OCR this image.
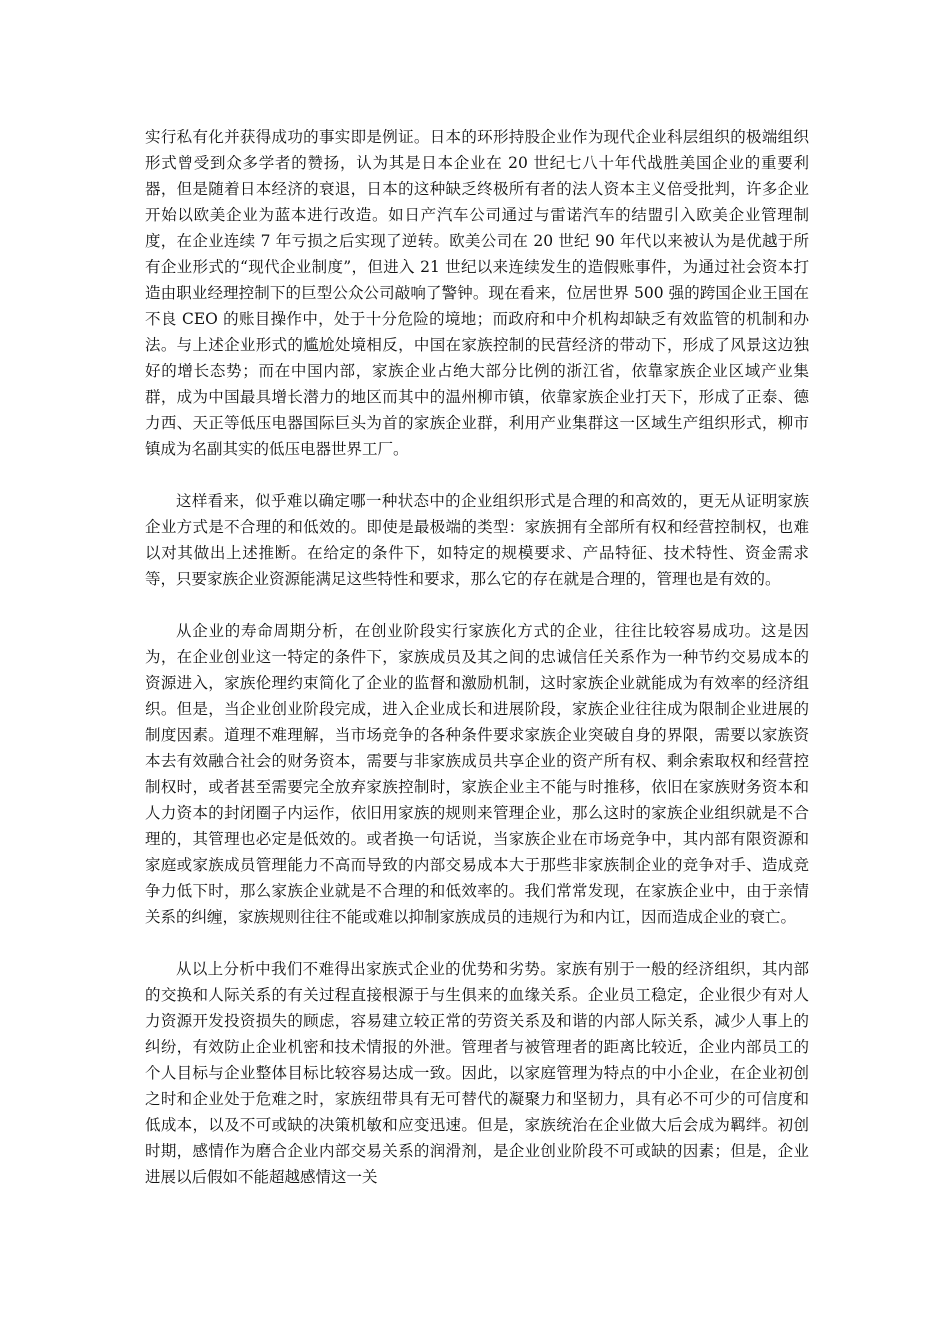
实行私有化并获得成功的事实即是例证。日本的环形持股企业作为现代企业科层组织的极端组织形式曾受到众多学者的赞扬，认为其是日本企业在 20 世纪七八十年代战胜美国企业的重要利器，但是随着日本经济的衰退，日本的这种缺乏终极所有者的法人资本主义倍受批判，许多企业开始以欧美企业为蓝本进行改造。如日产汽车公司通过与雷诺汽车的结盟引入欧美企业管理制度，在企业连续 7 年亏损之后实现了逆转。欧美公司在 20 世纪 90 年代以来被认为是优越于所有企业形式的“现代企业制度”，但进入 21 世纪以来连续发生的造假账事件，为通过社会资本打造由职业经理控制下的巨型公众公司敲响了警钟。现在看来，位居世界 500 强的跨国企业王国在不良 CEO 的账目操作中，处于十分危险的境地；而政府和中介机构却缺乏有效监管的机制和办法。与上述企业形式的尴尬处境相反，中国在家族控制的民营经济的带动下，形成了风景这边独好的增长态势；而在中国内部，家族企业占绝大部分比例的浙江省，依靠家族企业区域产业集群，成为中国最具增长潜力的地区而其中的温州柳市镇，依靠家族企业打天下，形成了正泰、德力西、天正等低压电器国际巨头为首的家族企业群，利用产业集群这一区域生产组织形式，柳市镇成为名副其实的低压电器世界工厂。

这样看来，似乎难以确定哪一种状态中的企业组织形式是合理的和高效的，更无从证明家族企业方式是不合理的和低效的。即使是最极端的类型：家族拥有全部所有权和经营控制权，也难以对其做出上述推断。在给定的条件下，如特定的规模要求、产品特征、技术特性、资金需求等，只要家族企业资源能满足这些特性和要求，那么它的存在就是合理的，管理也是有效的。

从企业的寿命周期分析，在创业阶段实行家族化方式的企业，往往比较容易成功。这是因为，在企业创业这一特定的条件下，家族成员及其之间的忠诚信任关系作为一种节约交易成本的资源进入，家族伦理约束简化了企业的监督和激励机制，这时家族企业就能成为有效率的经济组织。但是，当企业创业阶段完成，进入企业成长和进展阶段，家族企业往往成为限制企业进展的制度因素。道理不难理解，当市场竞争的各种条件要求家族企业突破自身的界限，需要以家族资本去有效融合社会的财务资本，需要与非家族成员共享企业的资产所有权、剩余索取权和经营控制权时，或者甚至需要完全放弃家族控制时，家族企业主不能与时推移，依旧在家族财务资本和人力资本的封闭圈子内运作，依旧用家族的规则来管理企业，那么这时的家族企业组织就是不合理的，其管理也必定是低效的。或者换一句话说，当家族企业在市场竞争中，其内部有限资源和家庭或家族成员管理能力不高而导致的内部交易成本大于那些非家族制企业的竞争对手、造成竞争力低下时，那么家族企业就是不合理的和低效率的。我们常常发现，在家族企业中，由于亲情关系的纠缠，家族规则往往不能或难以抑制家族成员的违规行为和内讧，因而造成企业的衰亡。

从以上分析中我们不难得出家族式企业的优势和劣势。家族有别于一般的经济组织，其内部的交换和人际关系的有关过程直接根源于与生俱来的血缘关系。企业员工稳定，企业很少有对人力资源开发投资损失的顾虑，容易建立较正常的劳资关系及和谐的内部人际关系，减少人事上的纠纷，有效防止企业机密和技术情报的外泄。管理者与被管理者的距离比较近，企业内部员工的个人目标与企业整体目标比较容易达成一致。因此，以家庭管理为特点的中小企业，在企业初创之时和企业处于危难之时，家族纽带具有无可替代的凝聚力和坚韧力，具有必不可少的可信度和低成本，以及不可或缺的决策机敏和应变迅速。但是，家族统治在企业做大后会成为羁绊。初创时期，感情作为磨合企业内部交易关系的润滑剂，是企业创业阶段不可或缺的因素；但是，企业进展以后假如不能超越感情这一关
